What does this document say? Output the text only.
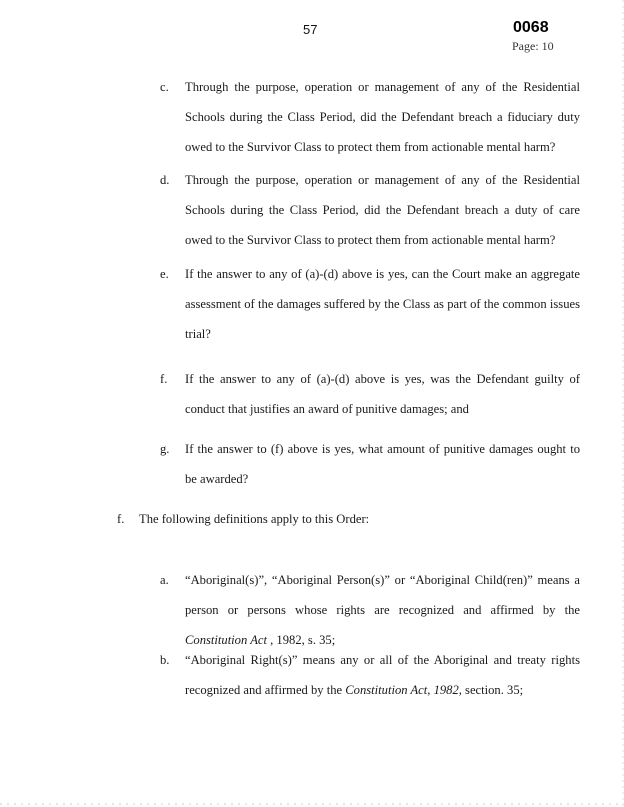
57	0068
Page: 10
c. Through the purpose, operation or management of any of the Residential Schools during the Class Period, did the Defendant breach a fiduciary duty owed to the Survivor Class to protect them from actionable mental harm?
d. Through the purpose, operation or management of any of the Residential Schools during the Class Period, did the Defendant breach a duty of care owed to the Survivor Class to protect them from actionable mental harm?
e. If the answer to any of (a)-(d) above is yes, can the Court make an aggregate assessment of the damages suffered by the Class as part of the common issues trial?
f. If the answer to any of (a)-(d) above is yes, was the Defendant guilty of conduct that justifies an award of punitive damages; and
g. If the answer to (f) above is yes, what amount of punitive damages ought to be awarded?
f. The following definitions apply to this Order:
a. “Aboriginal(s)”, “Aboriginal Person(s)” or “Aboriginal Child(ren)” means a person or persons whose rights are recognized and affirmed by the Constitution Act , 1982, s. 35;
b. “Aboriginal Right(s)” means any or all of the Aboriginal and treaty rights recognized and affirmed by the Constitution Act, 1982, section. 35;
